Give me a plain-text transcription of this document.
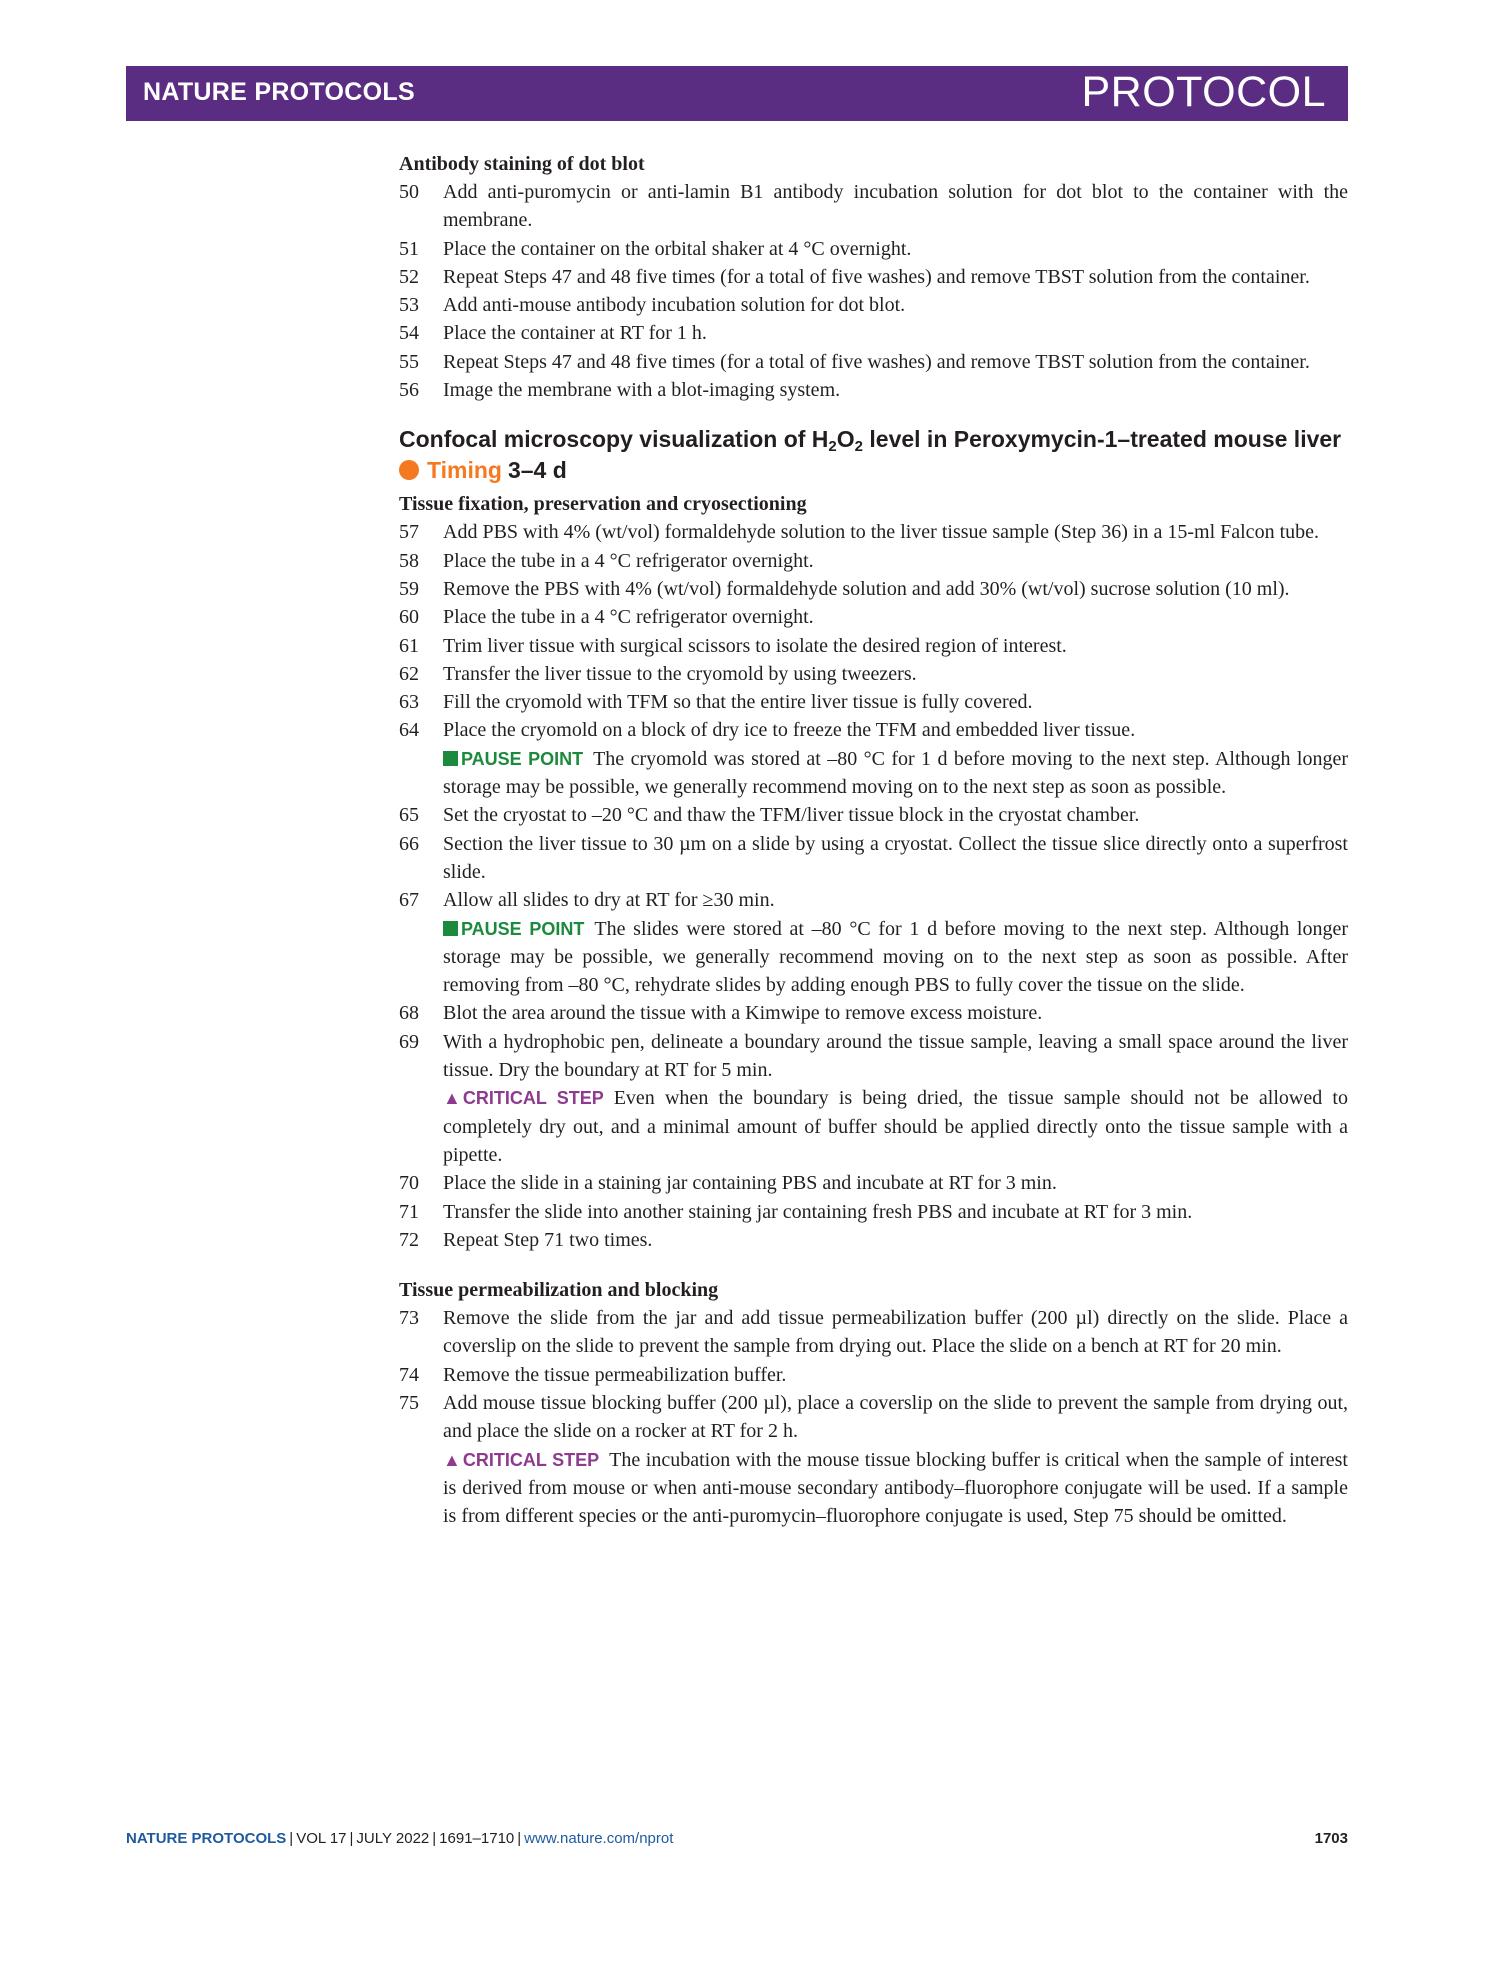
NATURE PROTOCOLS	PROTOCOL
Antibody staining of dot blot
50 Add anti-puromycin or anti-lamin B1 antibody incubation solution for dot blot to the container with the membrane.
51 Place the container on the orbital shaker at 4 °C overnight.
52 Repeat Steps 47 and 48 five times (for a total of five washes) and remove TBST solution from the container.
53 Add anti-mouse antibody incubation solution for dot blot.
54 Place the container at RT for 1 h.
55 Repeat Steps 47 and 48 five times (for a total of five washes) and remove TBST solution from the container.
56 Image the membrane with a blot-imaging system.
Confocal microscopy visualization of $H_2O_2$ level in Peroxymycin-1–treated mouse liver
Timing 3–4 d
Tissue fixation, preservation and cryosectioning
57 Add PBS with 4% (wt/vol) formaldehyde solution to the liver tissue sample (Step 36) in a 15-ml Falcon tube.
58 Place the tube in a 4 °C refrigerator overnight.
59 Remove the PBS with 4% (wt/vol) formaldehyde solution and add 30% (wt/vol) sucrose solution (10 ml).
60 Place the tube in a 4 °C refrigerator overnight.
61 Trim liver tissue with surgical scissors to isolate the desired region of interest.
62 Transfer the liver tissue to the cryomold by using tweezers.
63 Fill the cryomold with TFM so that the entire liver tissue is fully covered.
64 Place the cryomold on a block of dry ice to freeze the TFM and embedded liver tissue.
PAUSE POINT  The cryomold was stored at –80 °C for 1 d before moving to the next step. Although longer storage may be possible, we generally recommend moving on to the next step as soon as possible.
65 Set the cryostat to –20 °C and thaw the TFM/liver tissue block in the cryostat chamber.
66 Section the liver tissue to 30 µm on a slide by using a cryostat. Collect the tissue slice directly onto a superfrost slide.
67 Allow all slides to dry at RT for ≥30 min.
PAUSE POINT  The slides were stored at –80 °C for 1 d before moving to the next step. Although longer storage may be possible, we generally recommend moving on to the next step as soon as possible. After removing from –80 °C, rehydrate slides by adding enough PBS to fully cover the tissue on the slide.
68 Blot the area around the tissue with a Kimwipe to remove excess moisture.
69 With a hydrophobic pen, delineate a boundary around the tissue sample, leaving a small space around the liver tissue. Dry the boundary at RT for 5 min.
▲ CRITICAL STEP  Even when the boundary is being dried, the tissue sample should not be allowed to completely dry out, and a minimal amount of buffer should be applied directly onto the tissue sample with a pipette.
70 Place the slide in a staining jar containing PBS and incubate at RT for 3 min.
71 Transfer the slide into another staining jar containing fresh PBS and incubate at RT for 3 min.
72 Repeat Step 71 two times.
Tissue permeabilization and blocking
73 Remove the slide from the jar and add tissue permeabilization buffer (200 µl) directly on the slide. Place a coverslip on the slide to prevent the sample from drying out. Place the slide on a bench at RT for 20 min.
74 Remove the tissue permeabilization buffer.
75 Add mouse tissue blocking buffer (200 µl), place a coverslip on the slide to prevent the sample from drying out, and place the slide on a rocker at RT for 2 h.
▲ CRITICAL STEP  The incubation with the mouse tissue blocking buffer is critical when the sample of interest is derived from mouse or when anti-mouse secondary antibody–fluorophore conjugate will be used. If a sample is from different species or the anti-puromycin–fluorophore conjugate is used, Step 75 should be omitted.
NATURE PROTOCOLS | VOL 17 | JULY 2022 | 1691–1710 | www.nature.com/nprot	1703
